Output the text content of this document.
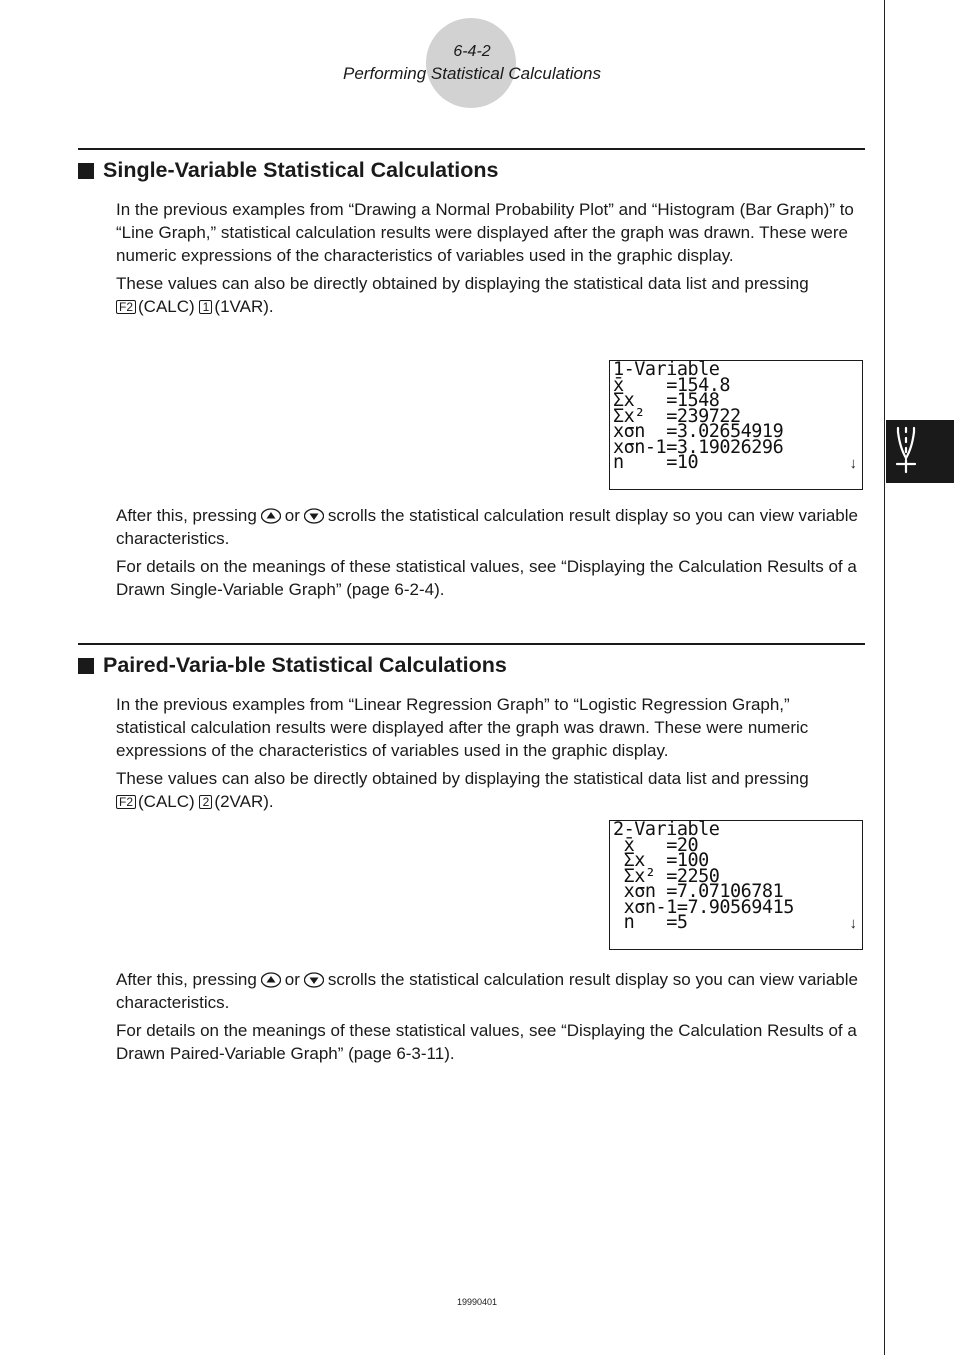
6-4-2
Performing Statistical Calculations
Single-Variable Statistical Calculations

In the previous examples from “Drawing a Normal Probability Plot” and “Histogram (Bar Graph)” to “Line Graph,” statistical calculation results were displayed after the graph was drawn. These were numeric expressions of the characteristics of variables used in the graphic display.

These values can also be directly obtained by displaying the statistical data list and pressing
F2 (CALC) 1 (1VAR).

1-Variable
x̄    =154.8
Σx   =1548
Σx²  =239722
xσn  =3.02654919
xσn-1=3.19026296
n    =10	↓

After this, pressing or scrolls the statistical calculation result display so you can view variable characteristics.

For details on the meanings of these statistical values, see “Displaying the Calculation Results of a Drawn Single-Variable Graph” (page 6-2-4).

Paired-Varia-ble Statistical Calculations

In the previous examples from “Linear Regression Graph” to “Logistic Regression Graph,” statistical calculation results were displayed after the graph was drawn. These were numeric expressions of the characteristics of variables used in the graphic display.

These values can also be directly obtained by displaying the statistical data list and pressing
F2 (CALC) 2 (2VAR).

2-Variable
x̄   =20
Σx  =100
Σx² =2250
xσn =7.07106781
xσn-1=7.90569415
n   =5	↓

After this, pressing or scrolls the statistical calculation result display so you can view variable characteristics.

For details on the meanings of these statistical values, see “Displaying the Calculation Results of a Drawn Paired-Variable Graph” (page 6-3-11).

19990401
